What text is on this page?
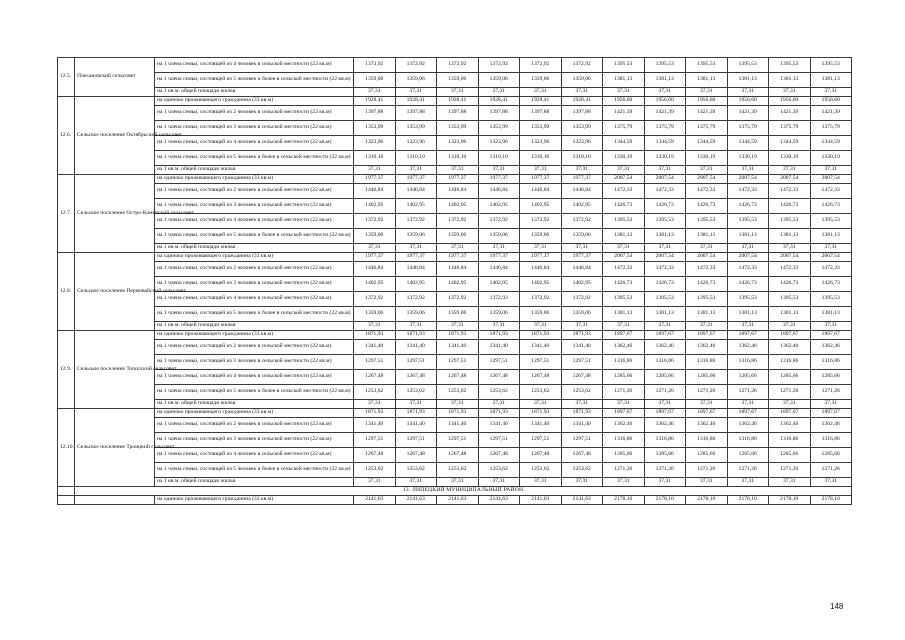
12.5.	Плехановский сельсовет	на 1 члена семьи, состоящей из 4 человек в сельской местности (22 кв.м)	1372,92	1372,92	1372,92	1372,92	1372,92	1372,92	1395,53	1395,53	1395,53	1395,53	1395,53	1395,53
		на 1 члена семьи, состоящей из 5 человек и более в сельской местности (22 кв.м)	1359,06	1359,06	1359,06	1359,06	1359,06	1359,06	1381,13	1381,13	1381,13	1381,13	1381,13	1381,13
		на 1 кв.м. общей площади жилья	37,31	37,31	37,31	37,31	37,31	37,31	37,31	37,31	37,31	37,31	37,31	37,31
12.6.	Сельское поселение Октябрьский сельсовет	на одиноко проживающего гражданина (33 кв.м)	1928,41	1928,41	1928,41	1928,41	1928,41	1928,41	1956,60	1956,60	1956,60	1956,60	1956,60	1956,60
		на 1 члена семьи, состоящей из 2 человек в сельской местности (22 кв.м)	1397,88	1397,88	1397,88	1397,88	1397,88	1397,88	1421,39	1421,39	1421,39	1421,39	1421,39	1421,39
		на 1 члена семьи, состоящей из 3 человек в сельской местности (22 кв.м)	1353,99	1353,99	1353,99	1353,99	1353,99	1353,99	1375,79	1375,79	1375,79	1375,79	1375,79	1375,79
		на 1 члена семьи, состоящей из 4 человек в сельской местности (22 кв.м)	1323,96	1323,96	1323,96	1323,96	1323,96	1323,96	1344,59	1344,59	1344,59	1344,59	1344,59	1344,59
		на 1 члена семьи, состоящей из 5 человек и более в сельской местности (22 кв.м)	1310,10	1310,10	1310,10	1310,10	1310,10	1310,10	1330,19	1330,19	1330,19	1330,19	1330,19	1330,19
		на 1 кв.м. общей площади жилья	37,31	37,31	37,31	37,31	37,31	37,31	37,31	37,31	37,31	37,31	37,31	37,31
12.7.	Сельское поселение Остро-Каменский сельсовет	на одиноко проживающего гражданина (33 кв.м)	1977,37	1977,37	1977,37	1977,37	1977,37	1977,37	2007,54	2007,54	2007,54	2007,54	2007,54	2007,54
		на 1 члена семьи, состоящей из 2 человек в сельской местности (22 кв.м)	1446,84	1446,84	1446,84	1446,84	1446,84	1446,84	1472,33	1472,33	1472,33	1472,33	1472,33	1472,33
		на 1 члена семьи, состоящей из 3 человек в сельской местности (22 кв.м)	1402,95	1402,95	1402,95	1402,95	1402,95	1402,95	1426,73	1426,73	1426,73	1426,73	1426,73	1426,73
		на 1 члена семьи, состоящей из 4 человек в сельской местности (22 кв.м)	1372,92	1372,92	1372,92	1372,92	1372,92	1372,92	1395,53	1395,53	1395,53	1395,53	1395,53	1395,53
		на 1 члена семьи, состоящей из 5 человек и более в сельской местности (22 кв.м)	1359,06	1359,06	1359,06	1359,06	1359,06	1359,06	1381,13	1381,13	1381,13	1381,13	1381,13	1381,13
		на 1 кв.м. общей площади жилья	37,31	37,31	37,31	37,31	37,31	37,31	37,31	37,31	37,31	37,31	37,31	37,31
12.8.	Сельское поселение Пермовайский сельсовет	на одиноко проживающего гражданина (33 кв.м)	1977,37	1977,37	1977,37	1977,37	1977,37	1977,37	2007,54	2007,54	2007,54	2007,54	2007,54	2007,54
		на 1 члена семьи, состоящей из 2 человек в сельской местности (22 кв.м)	1446,84	1446,84	1446,84	1446,84	1446,84	1446,84	1472,33	1472,33	1472,33	1472,33	1472,33	1472,33
		на 1 члена семьи, состоящей из 3 человек в сельской местности (22 кв.м)	1402,95	1402,95	1402,95	1402,95	1402,95	1402,95	1426,73	1426,73	1426,73	1426,73	1426,73	1426,73
		на 1 члена семьи, состоящей из 4 человек в сельской местности (22 кв.м)	1372,92	1372,92	1372,92	1372,92	1372,92	1372,92	1395,53	1395,53	1395,53	1395,53	1395,53	1395,53
		на 1 члена семьи, состоящей из 5 человек и более в сельской местности (22 кв.м)	1359,06	1359,06	1359,06	1359,06	1359,06	1359,06	1381,13	1381,13	1381,13	1381,13	1381,13	1381,13
		на 1 кв.м. общей площади жилья	37,31	37,31	37,31	37,31	37,31	37,31	37,31	37,31	37,31	37,31	37,31	37,31
12.9.	Сельское поселение Тополский сельсовет	на одиноко проживающего гражданина (33 кв.м)	1871,93	1871,93	1871,93	1871,93	1871,93	1871,93	1897,67	1897,67	1897,67	1897,67	1897,67	1897,67
		на 1 члена семьи, состоящей из 2 человек в сельской местности (22 кв.м)	1341,40	1341,40	1341,40	1341,40	1341,40	1341,40	1362,46	1362,46	1362,46	1362,46	1362,46	1362,46
		на 1 члена семьи, состоящей из 3 человек в сельской местности (22 кв.м)	1297,51	1297,51	1297,51	1297,51	1297,51	1297,51	1316,86	1316,86	1316,86	1316,86	1316,86	1316,86
		на 1 члена семьи, состоящей из 4 человек в сельской местности (22 кв.м)	1267,48	1267,48	1267,48	1267,48	1267,48	1267,48	1285,66	1285,66	1285,66	1285,66	1285,66	1285,66
		на 1 члена семьи, состоящей из 5 человек и более в сельской местности (22 кв.м)	1253,62	1253,62	1253,62	1253,62	1253,62	1253,62	1271,26	1271,26	1271,26	1271,26	1271,26	1271,26
		на 1 кв.м. общей площади жилья	37,31	37,31	37,31	37,31	37,31	37,31	37,31	37,31	37,31	37,31	37,31	37,31
12.10.	Сельское поселение Троицкий сельсовет	на одиноко проживающего гражданина (33 кв.м)	1871,93	1871,93	1871,93	1871,93	1871,93	1871,93	1897,67	1897,67	1897,67	1897,67	1897,67	1897,67
		на 1 члена семьи, состоящей из 2 человек в сельской местности (22 кв.м)	1341,40	1341,40	1341,40	1341,40	1341,40	1341,40	1362,46	1362,46	1362,46	1362,46	1362,46	1362,46
		на 1 члена семьи, состоящей из 3 человек в сельской местности (22 кв.м)	1297,51	1297,51	1297,51	1297,51	1297,51	1297,51	1316,86	1316,86	1316,86	1316,86	1316,86	1316,86
		на 1 члена семьи, состоящей из 4 человек в сельской местности (22 кв.м)	1267,48	1267,48	1267,48	1267,48	1267,48	1267,48	1285,66	1285,66	1285,66	1285,66	1285,66	1285,66
		на 1 члена семьи, состоящей из 5 человек и более в сельской местности (22 кв.м)	1253,62	1253,62	1253,62	1253,62	1253,62	1253,62	1271,26	1271,26	1271,26	1271,26	1271,26	1271,26
		на 1 кв.м. общей площади жилья	37,31	37,31	37,31	37,31	37,31	37,31	37,31	37,31	37,31	37,31	37,31	37,31
	13. ЛИПЕЦКИЙ МУНИЦИПАЛЬНЫЙ РАЙОН													
		на одиноко проживающего гражданина (33 кв.м)	2141,63	2141,63	2141,63	2141,63	2141,63	2141,63	2178,10	2178,10	2178,10	2178,10	2178,10	2178,10
148
